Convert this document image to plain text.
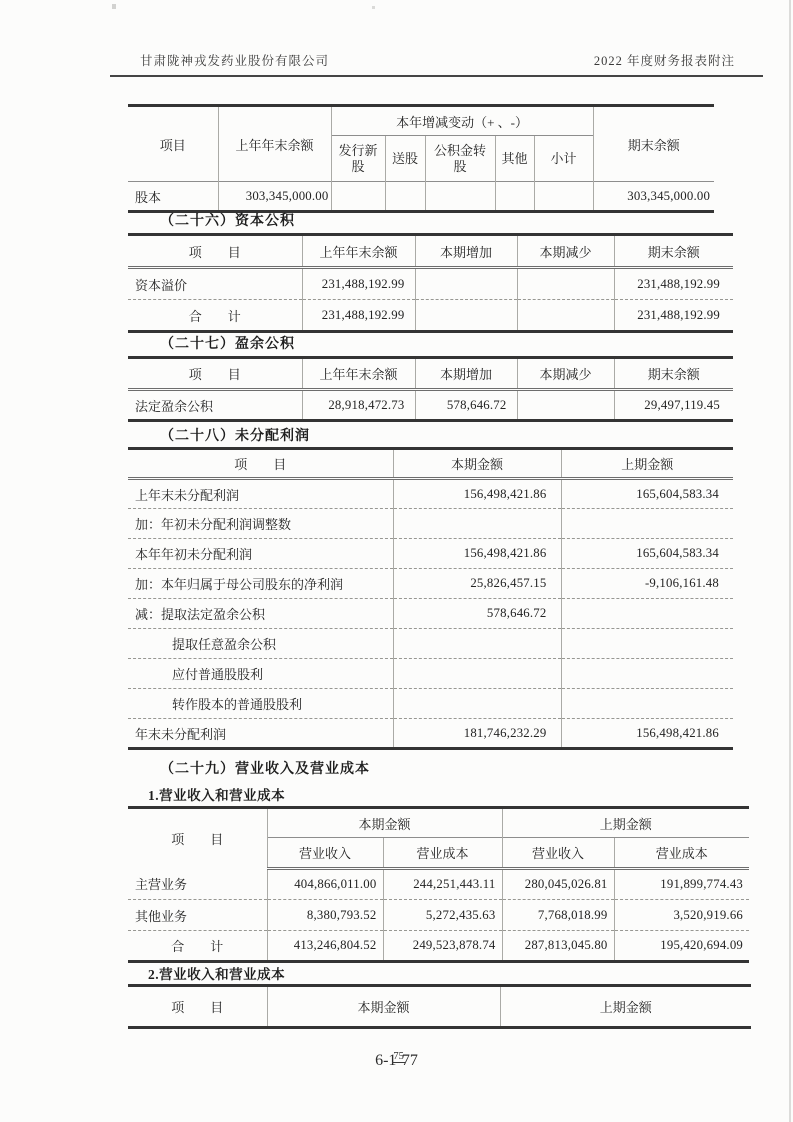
甘肃陇神戎发药业股份有限公司	2022 年度财务报表附注
项目	上年年末余额	本年增减变动（+ 、-）					期末余额
		发行新股	送股	公积金转股	其他	小计	
股本	303,345,000.00						303,345,000.00
（二十六）资本公积
项　　目	上年年末余额	本期增加	本期减少	期末余额
资本溢价	231,488,192.99			231,488,192.99
合　　计	231,488,192.99			231,488,192.99
（二十七）盈余公积
项　　目	上年年末余额	本期增加	本期减少	期末余额
法定盈余公积	28,918,472.73	578,646.72		29,497,119.45
（二十八）未分配利润
项　　目	本期金额	上期金额
上年末未分配利润	156,498,421.86	165,604,583.34
加：年初未分配利润调整数		
本年年初未分配利润	156,498,421.86	165,604,583.34
加：本年归属于母公司股东的净利润	25,826,457.15	-9,106,161.48
减：提取法定盈余公积	578,646.72	
提取任意盈余公积		
应付普通股股利		
转作股本的普通股股利		
年末未分配利润	181,746,232.29	156,498,421.86
（二十九）营业收入及营业成本
1.营业收入和营业成本
项　　目	本期金额		上期金额	
	营业收入	营业成本	营业收入	营业成本
主营业务	404,866,011.00	244,251,443.11	280,045,026.81	191,899,774.43
其他业务	8,380,793.52	5,272,435.63	7,768,018.99	3,520,919.66
合　　计	413,246,804.52	249,523,878.74	287,813,045.80	195,420,694.09
2.营业收入和营业成本
项　　目	本期金额	上期金额
$6-1^{75}77$
